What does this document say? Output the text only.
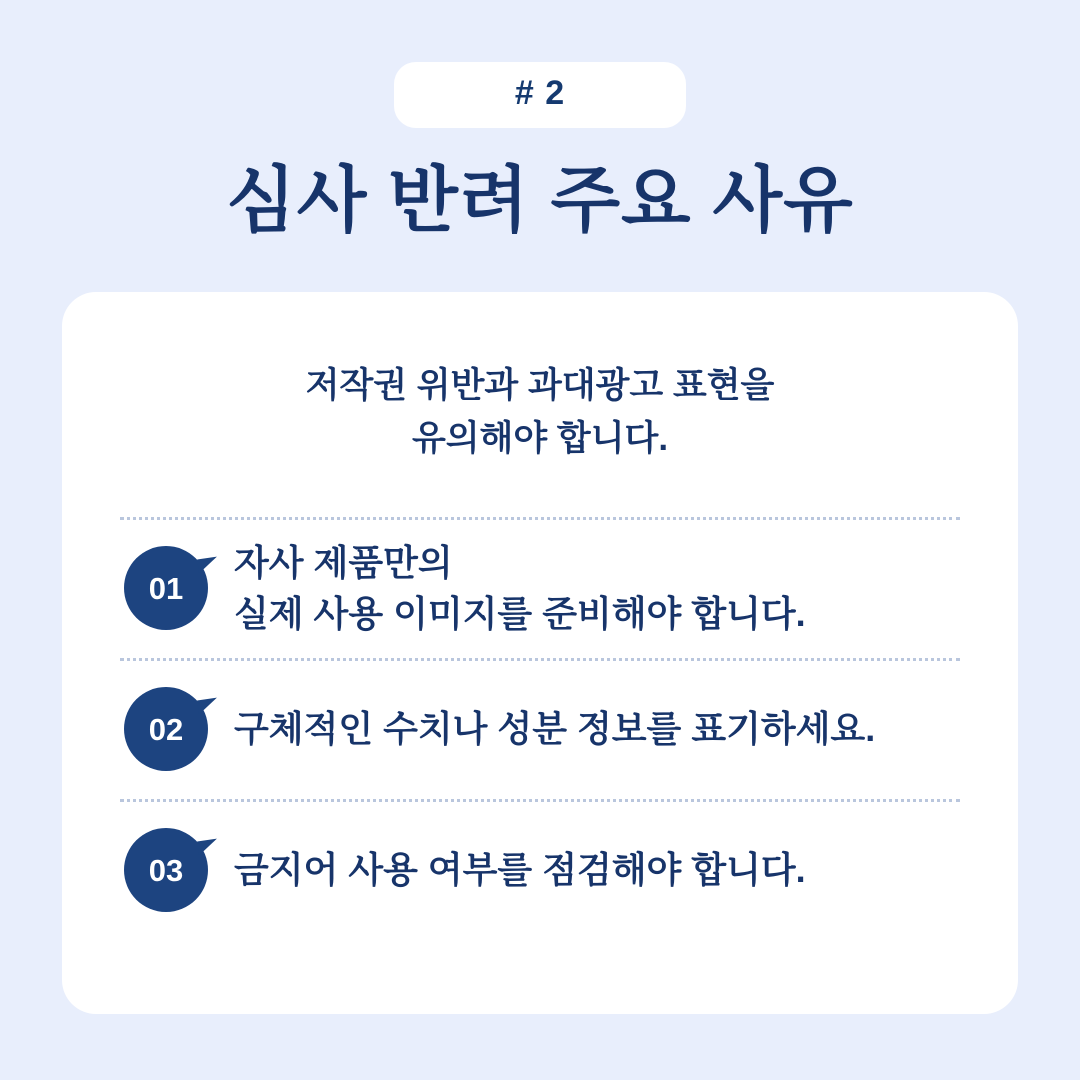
# 2
심사 반려 주요 사유
저작권 위반과 과대광고 표현을
유의해야 합니다.
01
자사 제품만의
실제 사용 이미지를 준비해야 합니다.
02	구체적인 수치나 성분 정보를 표기하세요.
03	금지어 사용 여부를 점검해야 합니다.
